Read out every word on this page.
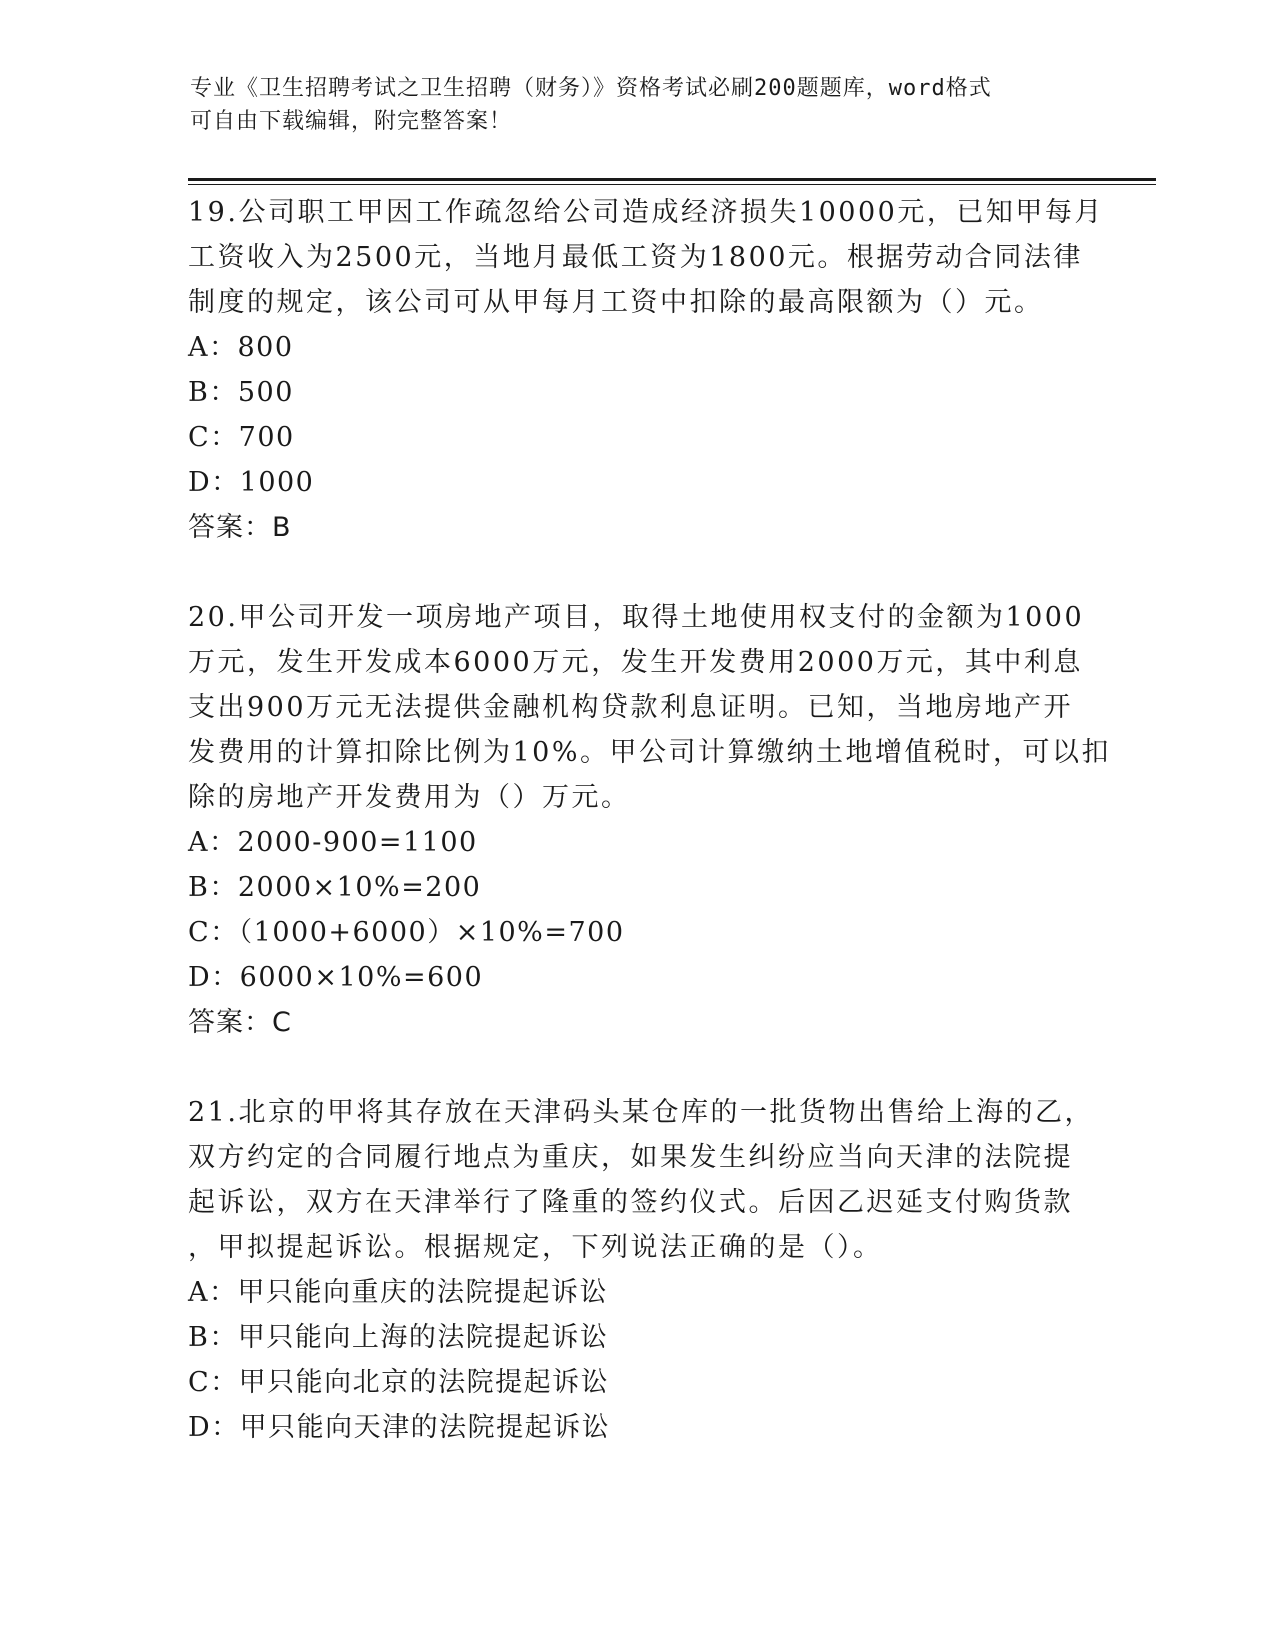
专业《卫生招聘考试之卫生招聘（财务）》资格考试必刷200题题库，word格式
可自由下载编辑，附完整答案！
19.公司职工甲因工作疏忽给公司造成经济损失10000元，已知甲每月
工资收入为2500元，当地月最低工资为1800元。根据劳动合同法律
制度的规定，该公司可从甲每月工资中扣除的最高限额为（）元。
A：800
B：500
C：700
D：1000
答案：B
20.甲公司开发一项房地产项目，取得土地使用权支付的金额为1000
万元，发生开发成本6000万元，发生开发费用2000万元，其中利息
支出900万元无法提供金融机构贷款利息证明。已知，当地房地产开
发费用的计算扣除比例为10%。甲公司计算缴纳土地增值税时，可以扣
除的房地产开发费用为（）万元。
A：2000-900=1100
B：2000×10%=200
C：（1000+6000）×10%=700
D：6000×10%=600
答案：C
21.北京的甲将其存放在天津码头某仓库的一批货物出售给上海的乙，
双方约定的合同履行地点为重庆，如果发生纠纷应当向天津的法院提
起诉讼，双方在天津举行了隆重的签约仪式。后因乙迟延支付购货款
，甲拟提起诉讼。根据规定，下列说法正确的是（）。
A：甲只能向重庆的法院提起诉讼
B：甲只能向上海的法院提起诉讼
C：甲只能向北京的法院提起诉讼
D：甲只能向天津的法院提起诉讼
